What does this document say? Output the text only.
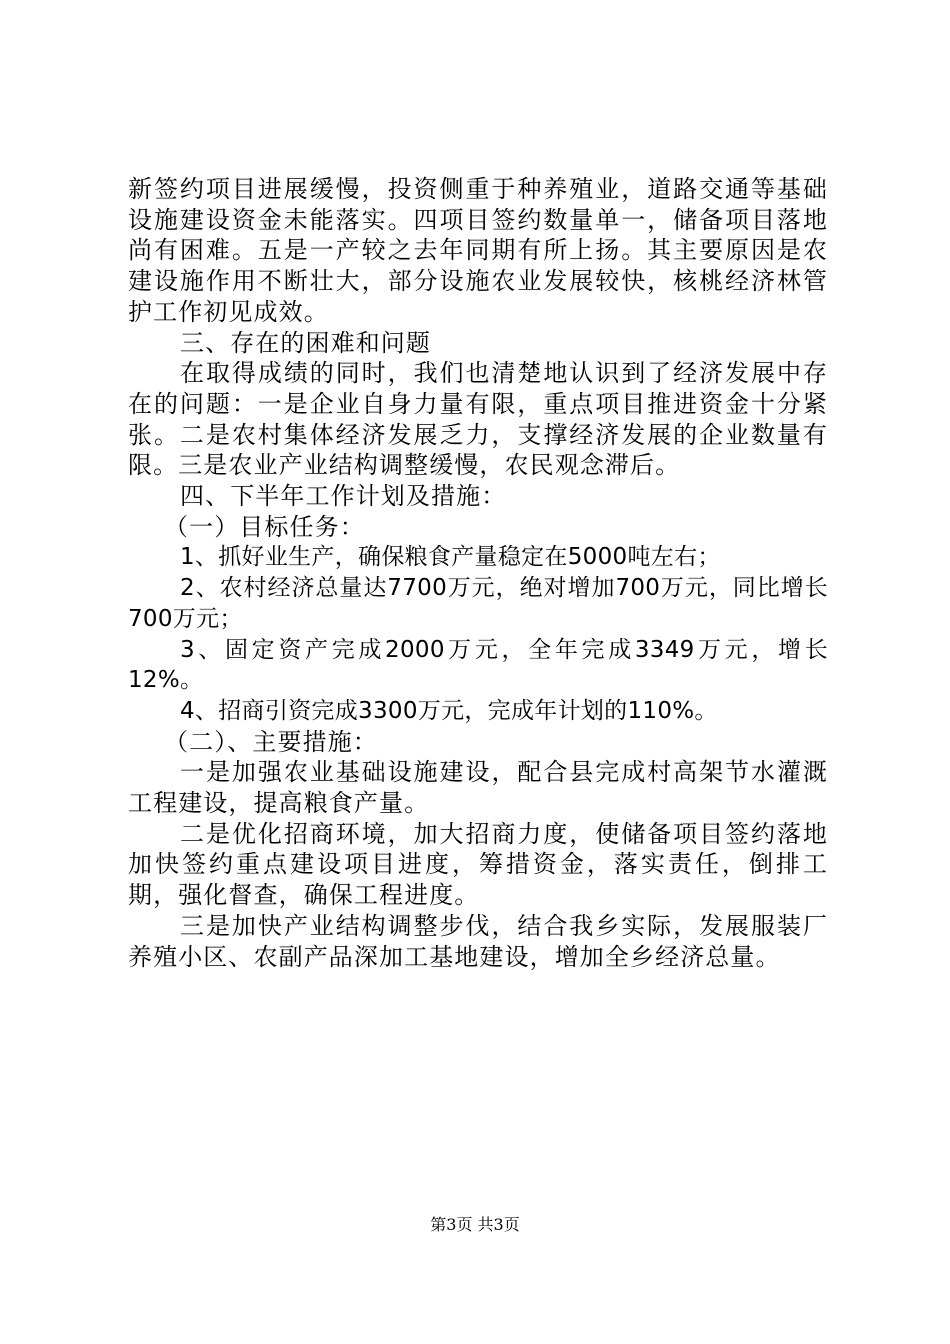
新签约项目进展缓慢，投资侧重于种养殖业，道路交通等基础设施建设资金未能落实。四项目签约数量单一，储备项目落地尚有困难。五是一产较之去年同期有所上扬。其主要原因是农建设施作用不断壮大，部分设施农业发展较快，核桃经济林管护工作初见成效。

三、存在的困难和问题

在取得成绩的同时，我们也清楚地认识到了经济发展中存在的问题：一是企业自身力量有限，重点项目推进资金十分紧张。二是农村集体经济发展乏力，支撑经济发展的企业数量有限。三是农业产业结构调整缓慢，农民观念滞后。

四、下半年工作计划及措施：

（一）目标任务：

1、抓好业生产，确保粮食产量稳定在5000吨左右；

2、农村经济总量达7700万元，绝对增加700万元，同比增长700万元；

3、固定资产完成2000万元，全年完成3349万元，增长12%。

4、招商引资完成3300万元，完成年计划的110%。

（二）、主要措施：

一是加强农业基础设施建设，配合县完成村高架节水灌溉工程建设，提高粮食产量。

二是优化招商环境，加大招商力度，使储备项目签约落地加快签约重点建设项目进度，筹措资金，落实责任，倒排工期，强化督查，确保工程进度。

三是加快产业结构调整步伐，结合我乡实际，发展服装厂养殖小区、农副产品深加工基地建设，增加全乡经济总量。

第3页 共3页
